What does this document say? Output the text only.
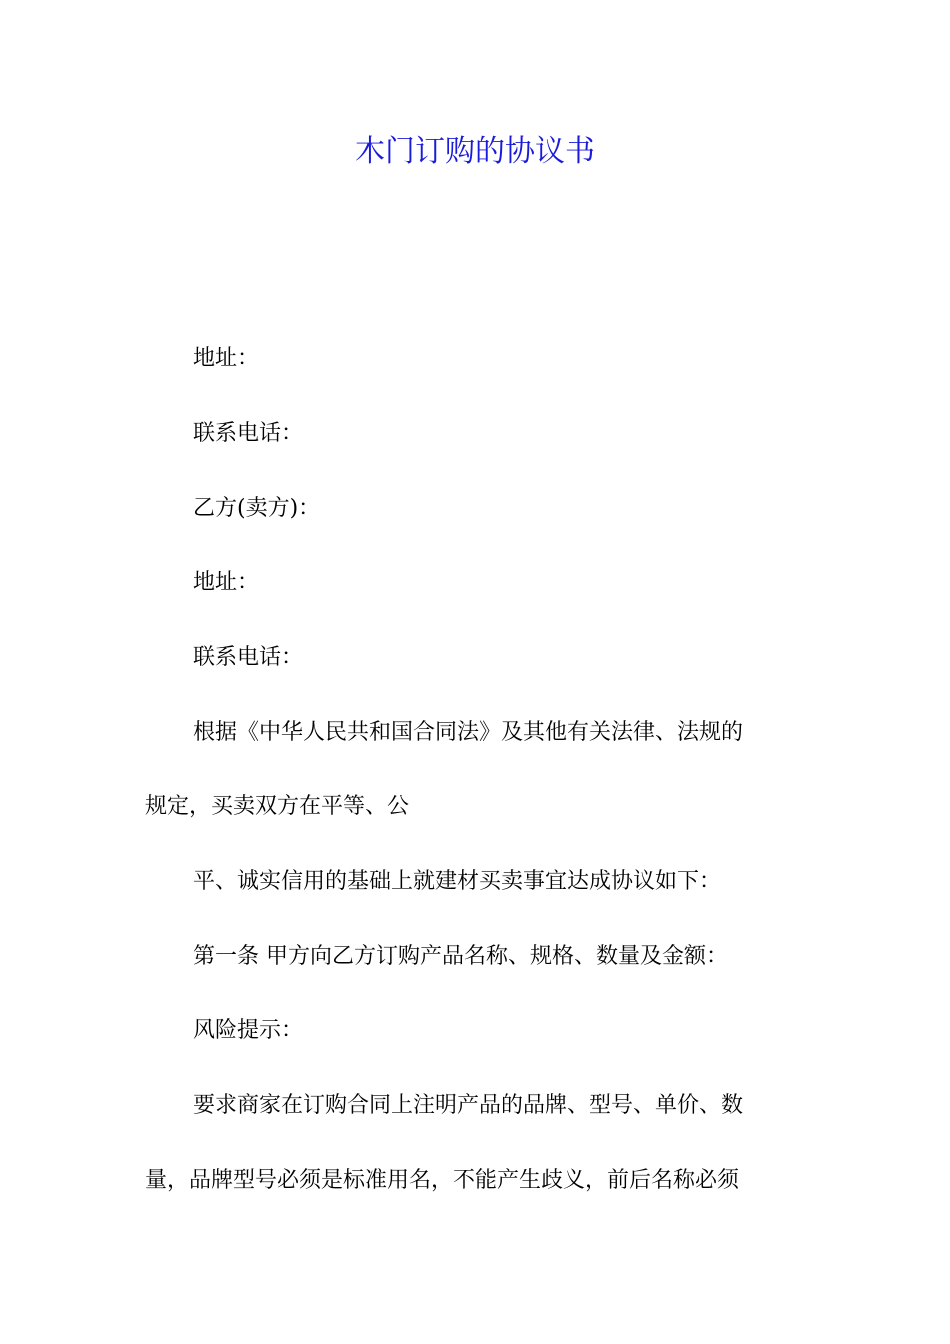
木门订购的协议书

地址：

联系电话：

乙方(卖方)：

地址：

联系电话：

根据《中华人民共和国合同法》及其他有关法律、法规的

规定，买卖双方在平等、公

平、诚实信用的基础上就建材买卖事宜达成协议如下：

第一条 甲方向乙方订购产品名称、规格、数量及金额：

风险提示：

要求商家在订购合同上注明产品的品牌、型号、单价、数

量，品牌型号必须是标准用名，不能产生歧义，前后名称必须
